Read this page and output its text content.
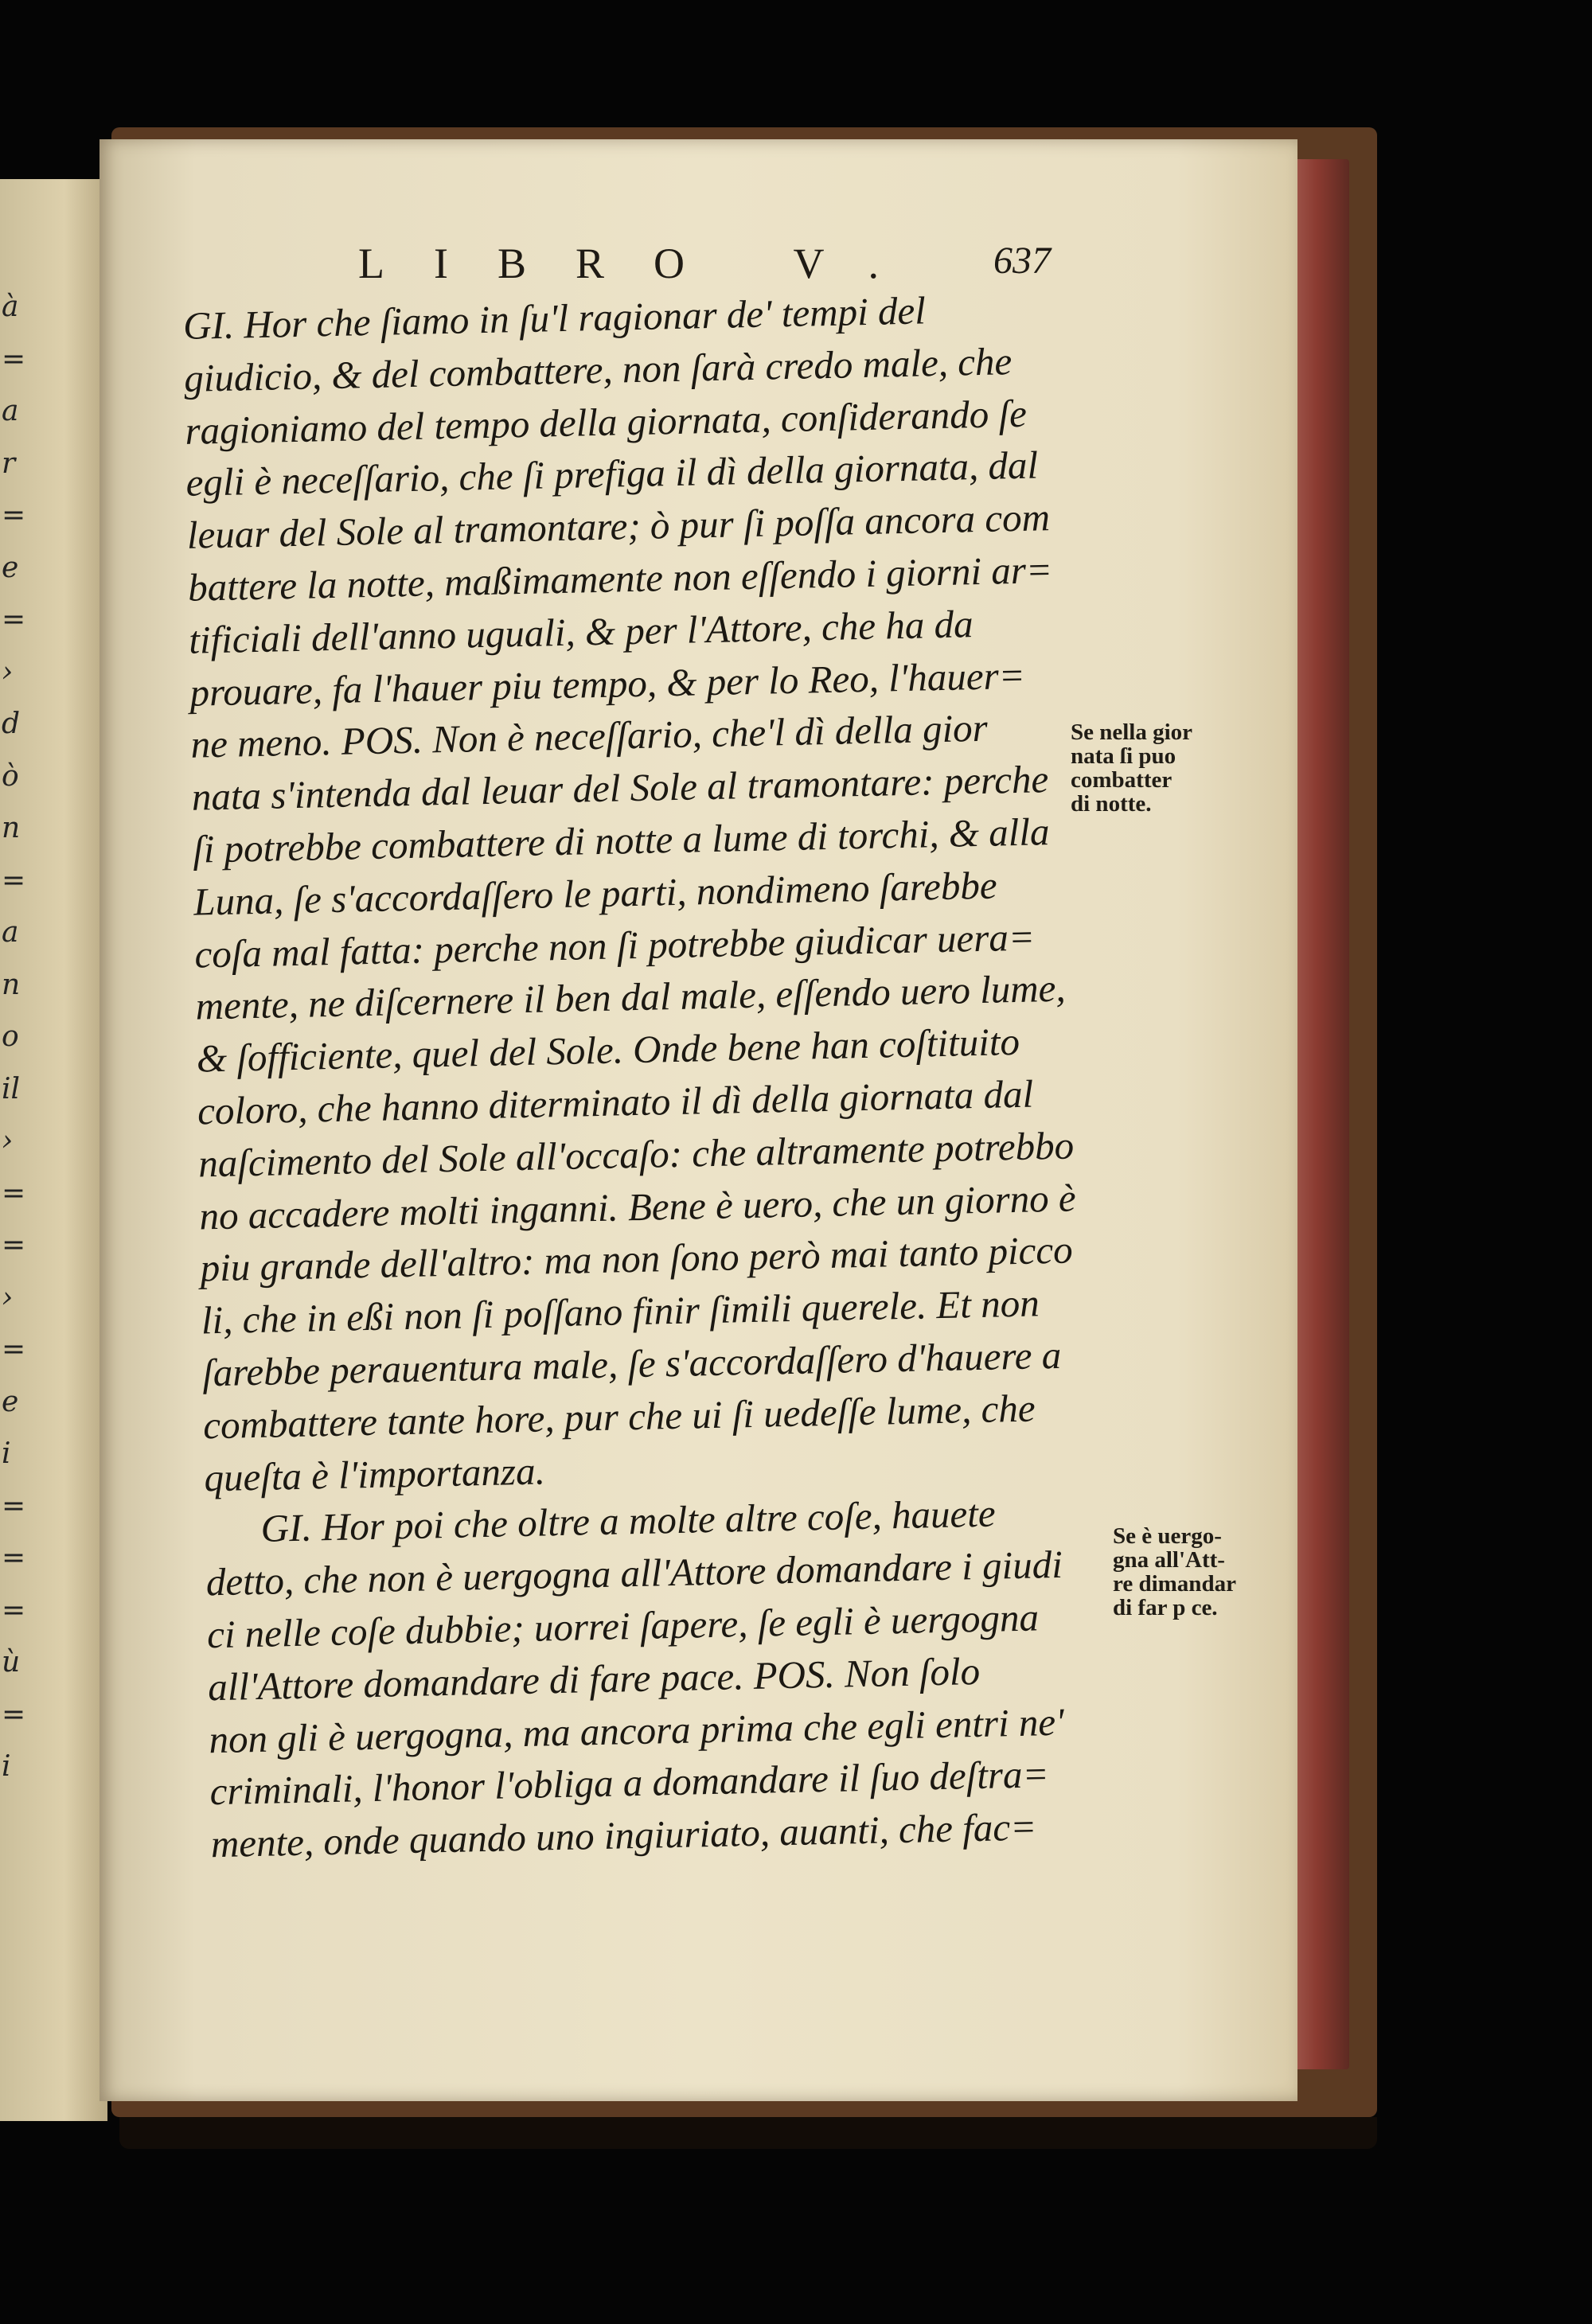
à
=
a
r
=
e
=
›
d
ò
n
=
a
n
o
il
›
=
=
›
=
e
i
=
=
=
ù
=
i
LIBRO V. 637
GI. Hor che ſiamo in ſu'l ragionar de' tempi del
giudicio, & del combattere, non ſarà credo male, che
ragioniamo del tempo della giornata, conſiderando ſe
egli è neceſſario, che ſi prefiga il dì della giornata, dal
leuar del Sole al tramontare; ò pur ſi poſſa ancora com
battere la notte, maßimamente non eſſendo i giorni ar=
tificiali dell'anno uguali, & per l'Attore, che ha da
prouare, fa l'hauer piu tempo, & per lo Reo, l'hauer=
ne meno. POS. Non è neceſſario, che'l dì della gior
nata s'intenda dal leuar del Sole al tramontare: perche
ſi potrebbe combattere di notte a lume di torchi, & alla
Luna, ſe s'accordaſſero le parti, nondimeno ſarebbe
coſa mal fatta: perche non ſi potrebbe giudicar uera=
mente, ne diſcernere il ben dal male, eſſendo uero lume,
& ſofficiente, quel del Sole. Onde bene han coſtituito
coloro, che hanno diterminato il dì della giornata dal
naſcimento del Sole all'occaſo: che altramente potrebbo
no accadere molti inganni. Bene è uero, che un giorno è
piu grande dell'altro: ma non ſono però mai tanto picco
li, che in eßi non ſi poſſano finir ſimili querele. Et non
ſarebbe perauentura male, ſe s'accordaſſero d'hauere a
combattere tante hore, pur che ui ſi uedeſſe lume, che
queſta è l'importanza.
GI. Hor poi che oltre a molte altre coſe, hauete
detto, che non è uergogna all'Attore domandare i giudi
ci nelle coſe dubbie; uorrei ſapere, ſe egli è uergogna
all'Attore domandare di fare pace. POS. Non ſolo
non gli è uergogna, ma ancora prima che egli entri ne'
criminali, l'honor l'obliga a domandare il ſuo deſtra=
mente, onde quando uno ingiuriato, auanti, che fac=
Se nella gior
nata ſi puo
combatter
di notte.
Se è uergo-
gna all'Att-
re dimandar
di far p ce.
